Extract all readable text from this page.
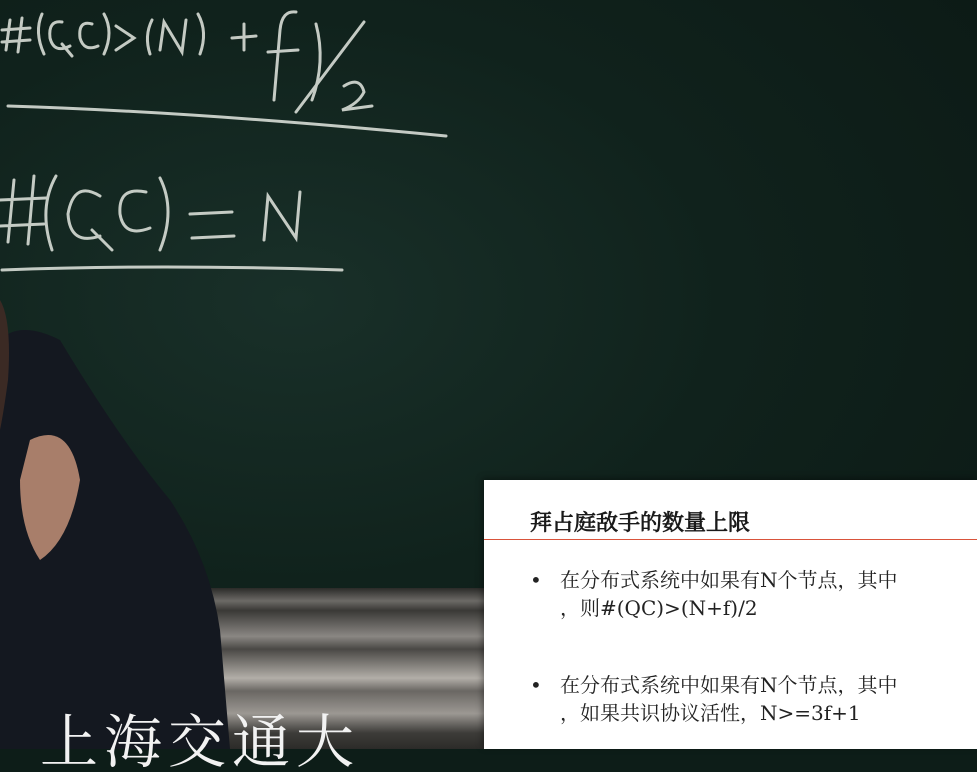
上海交通大
拜占庭敌手的数量上限
• 在分布式系统中如果有N个节点，其中
，则#(QC)>(N+f)/2
• 在分布式系统中如果有N个节点，其中
，如果共识协议活性，N>=3f+1
